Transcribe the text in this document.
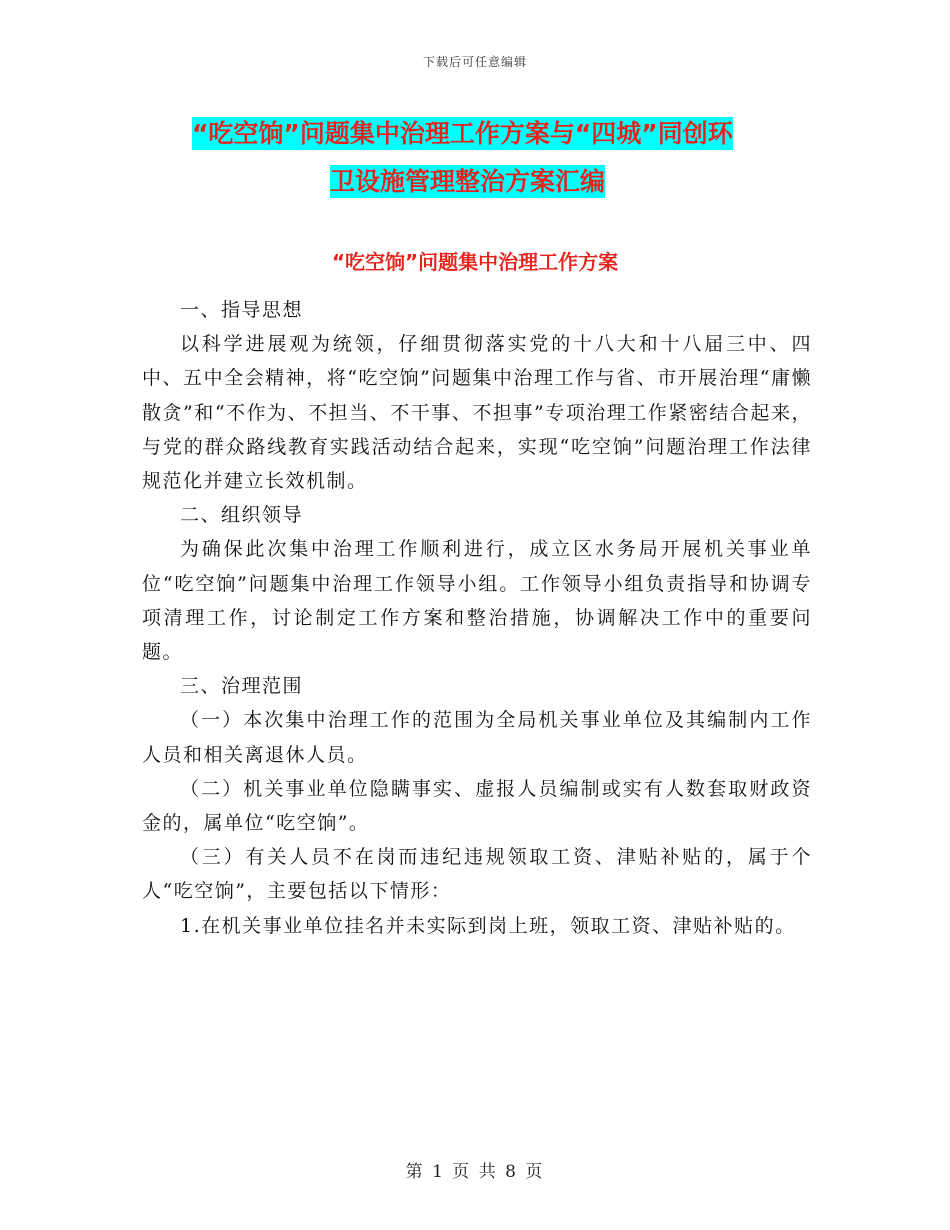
下载后可任意编辑
“吃空饷”问题集中治理工作方案与“四城”同创环
卫设施管理整治方案汇编
“吃空饷”问题集中治理工作方案

一、指导思想

以科学进展观为统领，仔细贯彻落实党的十八大和十八届三中、四中、五中全会精神，将“吃空饷”问题集中治理工作与省、市开展治理“庸懒散贪”和“不作为、不担当、不干事、不担事”专项治理工作紧密结合起来，与党的群众路线教育实践活动结合起来，实现“吃空饷”问题治理工作法律规范化并建立长效机制。

二、组织领导

为确保此次集中治理工作顺利进行，成立区水务局开展机关事业单位“吃空饷”问题集中治理工作领导小组。工作领导小组负责指导和协调专项清理工作，讨论制定工作方案和整治措施，协调解决工作中的重要问题。

三、治理范围

（一）本次集中治理工作的范围为全局机关事业单位及其编制内工作人员和相关离退休人员。

（二）机关事业单位隐瞒事实、虚报人员编制或实有人数套取财政资金的，属单位“吃空饷”。

（三）有关人员不在岗而违纪违规领取工资、津贴补贴的，属于个人“吃空饷”，主要包括以下情形：

1.在机关事业单位挂名并未实际到岗上班，领取工资、津贴补贴的。

第 1 页 共 8 页
